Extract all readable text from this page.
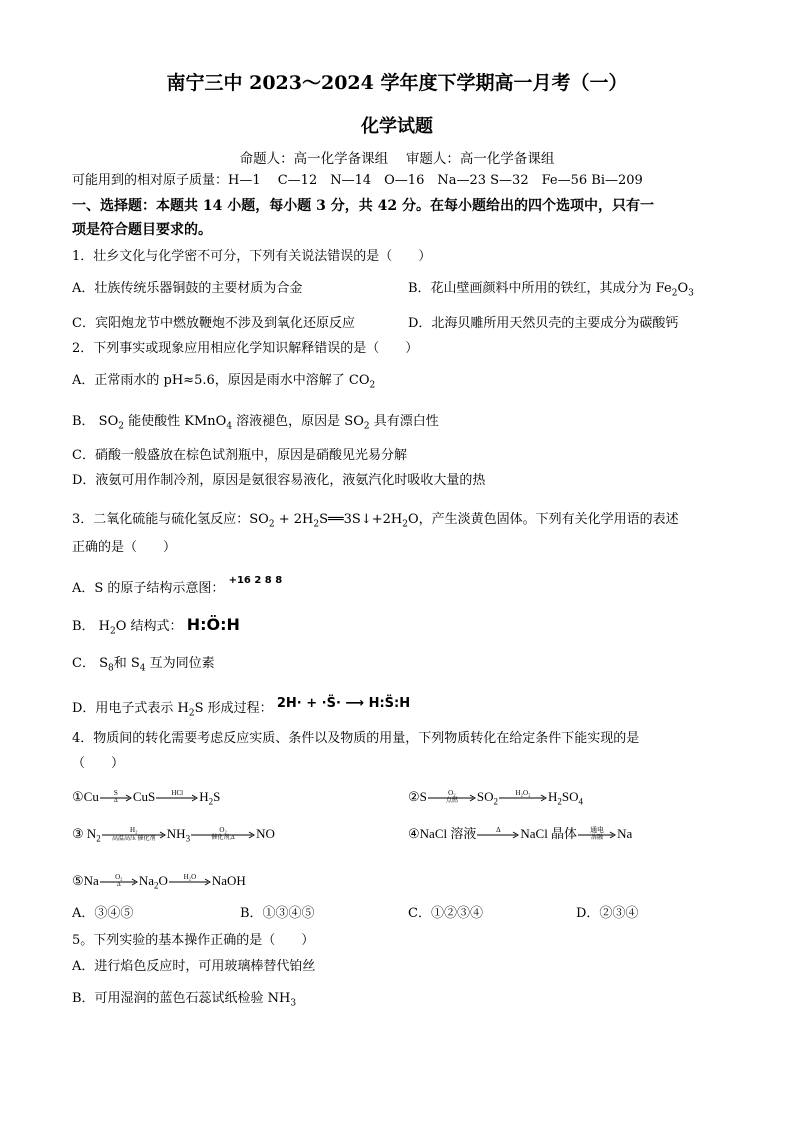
南宁三中 2023～2024 学年度下学期高一月考（一）
化学试题
命题人：高一化学备课组　 审题人：高一化学备课组
可能用到的相对原子质量：H—1　 C—12　N—14　O—16　Na—23 S—32　Fe—56 Bi—209
一、选择题：本题共 14 小题，每小题 3 分，共 42 分。在每小题给出的四个选项中，只有一
项是符合题目要求的。
1．壮乡文化与化学密不可分，下列有关说法错误的是（　　）
A．壮族传统乐器铜鼓的主要材质为合金	B．花山壁画颜料中所用的铁红，其成分为 $Fe_2O_3$
C．宾阳炮龙节中燃放鞭炮不涉及到氧化还原反应	D．北海贝雕所用天然贝壳的主要成分为碳酸钙
2．下列事实或现象应用相应化学知识解释错误的是（　　）
A．正常雨水的 pH≈5.6，原因是雨水中溶解了 $CO_2$
B． $SO_2$ 能使酸性 KMnO$_4$ 溶液褪色，原因是 $SO_2$ 具有漂白性
C．硝酸一般盛放在棕色试剂瓶中，原因是硝酸见光易分解
D．液氨可用作制冷剂，原因是氨很容易液化，液氨汽化时吸收大量的热
3．二氧化硫能与硫化氢反应：$SO_2$ + $2H_2S══3S↓+2H_2O$，产生淡黄色固体。下列有关化学用语的表述
正确的是（　　）
A．S 的原子结构示意图： $^{+16 2 8 8}$
B． $H_2O$ 结构式： H:Ö:H
C． $S_8$和 $S_4$ 互为同位素
D．用电子式表示 $H_2S$ 形成过程： 2H· + ·S̈· ⟶ H:S̈:H
4．物质间的转化需要考虑反应实质、条件以及物质的用量，下列物质转化在给定条件下能实现的是
（　　）
①Cu	S
Δ	CuS	HCl	$H_2S$	②S	O₂
点燃	$SO_2$
H₂O₂	$H_2SO_4$
③ $N_2$
H₂
高温高压 催化剂 $NH_3$
O₂
催化剂,Δ	NO	④NaCl 溶液	Δ	NaCl 晶体	通电
溶融	Na
⑤Na	O₂
Δ	$Na_2O$	H₂O	NaOH
A．③④⑤	B．①③④⑤	C．①②③④	D．②③④
5。下列实验的基本操作正确的是（　　）
A．进行焰色反应时，可用玻璃棒替代铂丝
B．可用湿润的蓝色石蕊试纸检验 $NH_3$
